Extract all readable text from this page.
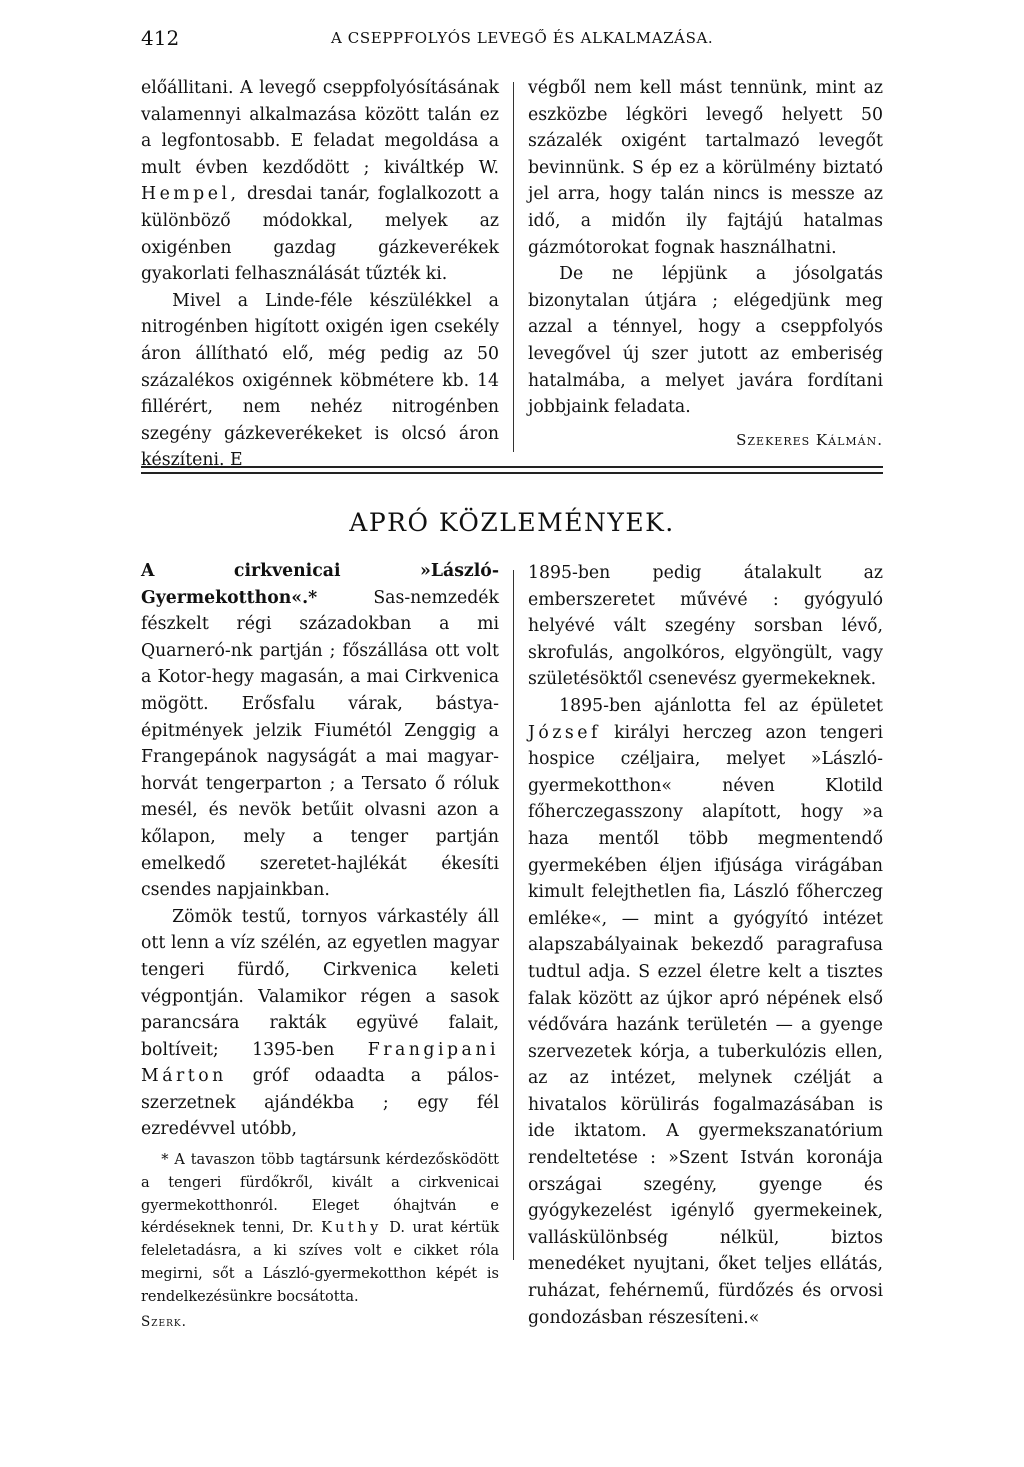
412	A CSEPPFOLYÓS LEVEGŐ ÉS ALKALMAZÁSA.

előállitani. A levegő cseppfolyósításának valamennyi alkalmazása között talán ez a legfontosabb. E feladat megoldása a mult évben kezdődött ; kiváltkép W. Hempel, dresdai tanár, foglalkozott a különböző módokkal, melyek az oxigénben gazdag gázkeverékek gyakorlati felhasználását tűzték ki.

Mivel a Linde-féle készülékkel a nitrogénben higított oxigén igen csekély áron állítható elő, még pedig az 50 százalékos oxigénnek köbmétere kb. 14 fillérért, nem nehéz nitrogénben szegény gázkeverékeket is olcsó áron készíteni. E

végből nem kell mást tennünk, mint az eszközbe légköri levegő helyett 50 százalék oxigént tartalmazó levegőt bevinnünk. S ép ez a körülmény biztató jel arra, hogy talán nincs is messze az idő, a midőn ily fajtájú hatalmas gázmótorokat fognak használhatni.

De ne lépjünk a jósolgatás bizonytalan útjára ; elégedjünk meg azzal a ténnyel, hogy a cseppfolyós levegővel új szer jutott az emberiség hatalmába, a melyet javára fordítani jobbjaink feladata.

Szekeres Kálmán.
APRÓ KÖZLEMÉNYEK.

A cirkvenicai »László-Gyermekotthon«.*	Sas-nemzedék fészkelt régi századokban a mi Quarneró-nk partján ; főszállása ott volt a Kotor-hegy magasán, a mai Cirkvenica mögött. Erősfalu várak, bástya-épitmények jelzik Fiumétól Zenggig a Frangepánok nagyságát a mai magyar-horvát tengerparton ; a Tersato ő róluk mesél, és nevök betűit olvasni azon a kőlapon, mely a tenger partján emelkedő szeretet-hajlékát ékesíti csendes napjainkban.

Zömök testű, tornyos várkastély áll ott lenn a víz szélén, az egyetlen magyar tengeri fürdő, Cirkvenica keleti végpontján. Valamikor régen a sasok parancsára rakták együvé falait, boltíveit; 1395-ben Frangipani Márton gróf odaadta a pálos-szerzetnek ajándékba ; egy fél ezredévvel utóbb,

* A tavaszon több tagtársunk kérdezősködött a tengeri fürdőkről, kivált a cirkvenicai gyermekotthonról. Eleget óhajtván e kérdéseknek tenni, Dr. Kuthy D. urat kértük feleletadásra, a ki szíves volt e cikket róla megirni, sőt a László-gyermekotthon képét is rendelkezésünkre bocsátotta.

Szerk.

1895-ben pedig átalakult az emberszeretet művévé : gyógyuló helyévé vált szegény sorsban lévő, skrofulás, angolkóros, elgyöngült, vagy születésöktől csenevész gyermekeknek.

1895-ben ajánlotta fel az épületet József királyi herczeg azon tengeri hospice czéljaira, melyet »László-gyermekotthon« néven Klotild főherczegasszony alapított, hogy »a haza mentől több megmentendő gyermekében éljen ifjúsága virágában kimult felejthetlen fia, László főherczeg emléke«, — mint a gyógyító intézet alapszabályainak bekezdő paragrafusa tudtul adja. S ezzel életre kelt a tisztes falak között az újkor apró népének első védővára hazánk területén — a gyenge szervezetek kórja, a tuberkulózis ellen, az az intézet, melynek czélját a hivatalos körülirás fogalmazásában is ide iktatom. A gyermekszanatórium rendeltetése : »Szent István koronája országai szegény, gyenge és gyógykezelést igénylő gyermekeinek, valláskülönbség nélkül, biztos menedéket nyujtani, őket teljes ellátás, ruházat, fehérnemű, fürdőzés és orvosi gondozásban részesíteni.«
